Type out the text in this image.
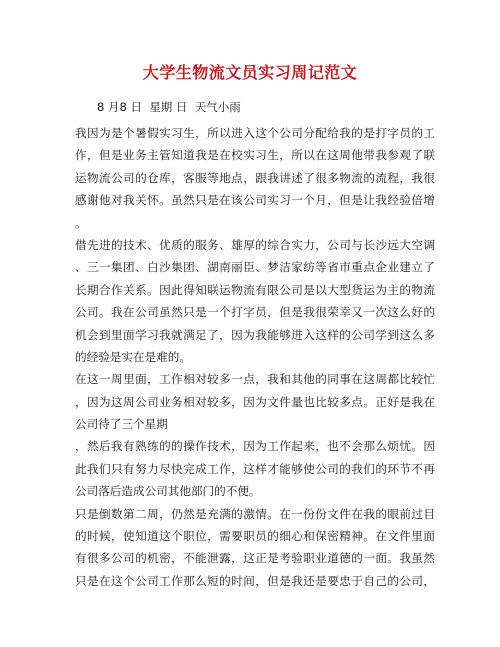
大学生物流文员实习周记范文

8 月8 日  星期 日  天气小雨

我因为是个暑假实习生，所以进入这个公司分配给我的是打字员的工
作，但是业务主管知道我是在校实习生，所以在这周他带我参观了联
运物流公司的仓库，客服等地点，跟我讲述了很多物流的流程，我很
感谢他对我关怀。虽然只是在该公司实习一个月，但是让我经验倍增
。
借先进的技术、优质的服务、雄厚的综合实力，公司与长沙远大空调
、三一集团、白沙集团、湖南丽臣、梦洁家纺等省市重点企业建立了
长期合作关系。因此得知联运物流有限公司是以大型货运为主的物流
公司。我在公司虽然只是一个打字员，但是我很荣幸又一次这么好的
机会到里面学习我就满足了，因为我能够进入这样的公司学到这么多
的经验是实在是难的。
在这一周里面，工作相对较多一点，我和其他的同事在这周都比较忙
，因为这周公司业务相对较多，因为文件量也比较多点。正好是我在
公司待了三个星期
，然后我有熟练的的操作技术，因为工作起来，也不会那么烦忧。因
此我们只有努力尽快完成工作，这样才能够使公司的我们的环节不再
公司落后造成公司其他部门的不便。
只是倒数第二周，仍然是充满的激情。在一份份文件在我的眼前过目
的时候，使知道这个职位，需要职员的细心和保密精神。在文件里面
有很多公司的机密，不能泄露，这正是考验职业道德的一面。我虽然
只是在这个公司工作那么短的时间，但是我还是要忠于自己的公司，
